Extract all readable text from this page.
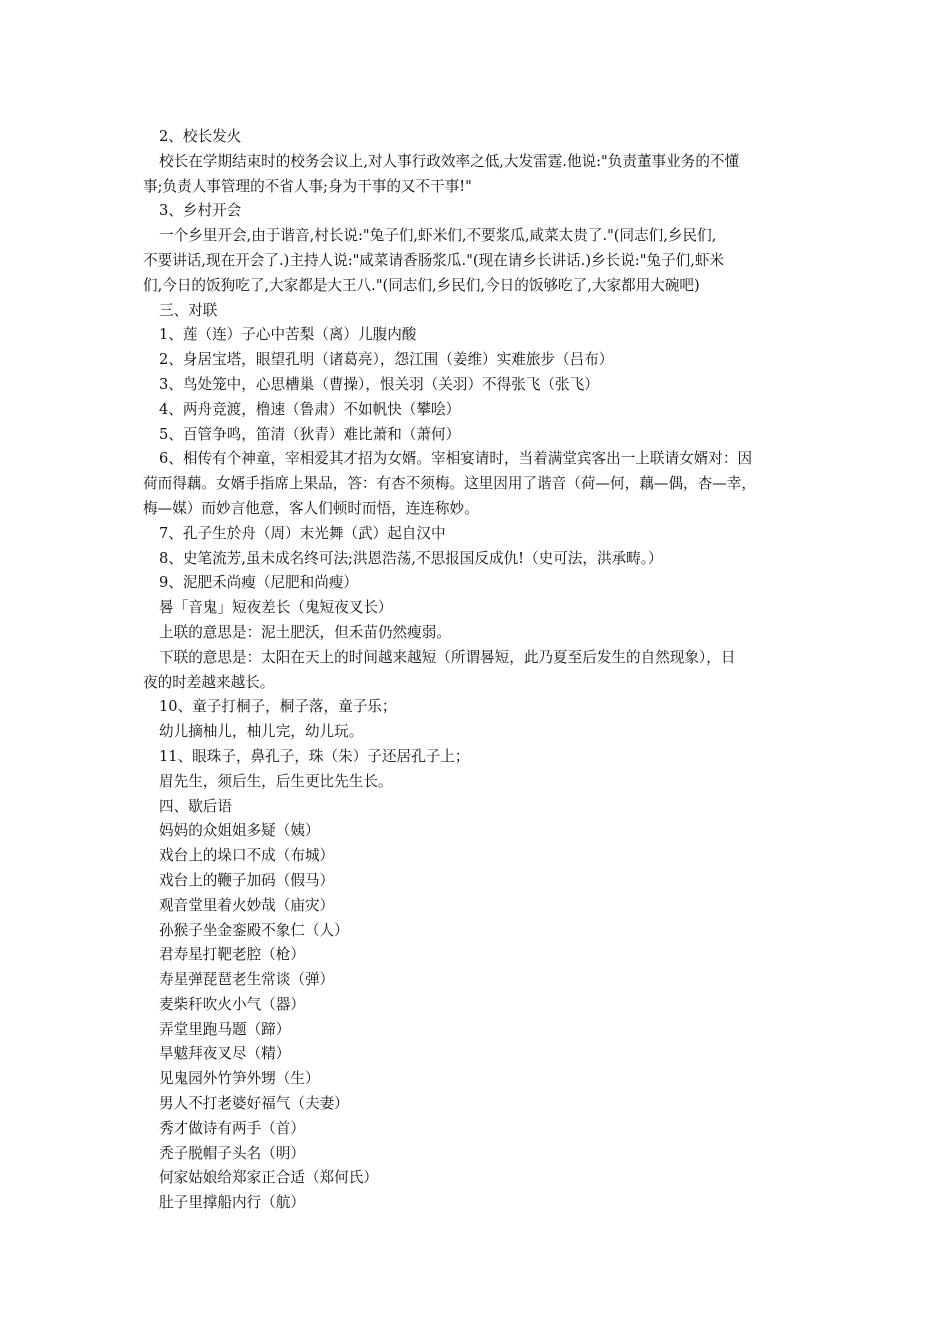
2、校长发火
校长在学期结束时的校务会议上,对人事行政效率之低,大发雷霆.他说:"负责董事业务的不懂
事;负责人事管理的不省人事;身为干事的又不干事!"
3、乡村开会
一个乡里开会,由于谐音,村长说:"兔子们,虾米们,不要浆瓜,咸菜太贵了."(同志们,乡民们,
不要讲话,现在开会了.)主持人说:"咸菜请香肠浆瓜."(现在请乡长讲话.)乡长说:"兔子们,虾米
们,今日的饭狗吃了,大家都是大王八."(同志们,乡民们,今日的饭够吃了,大家都用大碗吧)
三、对联
1、莲（连）子心中苦梨（离）儿腹内酸
2、身居宝塔，眼望孔明（诸葛亮），怨江围（姜维）实难旅步（吕布）
3、鸟处笼中，心思槽巢（曹操），恨关羽（关羽）不得张飞（张飞）
4、两舟竞渡，橹速（鲁肃）不如帆快（攀哙）
5、百管争鸣，笛清（狄青）难比萧和（萧何）
6、相传有个神童，宰相爱其才招为女婿。宰相宴请时，当着满堂宾客出一上联请女婿对：因
荷而得藕。女婿手指席上果品，答：有杏不须梅。这里因用了谐音（荷—何，藕—偶，杏—幸，
梅—媒）而妙言他意，客人们顿时而悟，连连称妙。
7、孔子生於舟（周）末光舞（武）起自汉中
8、史笔流芳,虽未成名终可法;洪恩浩荡,不思报国反成仇!（史可法，洪承畴。）
9、泥肥禾尚瘦（尼肥和尚瘦）
晷「音鬼」短夜差长（鬼短夜叉长）
上联的意思是：泥土肥沃，但禾苗仍然瘦弱。
下联的意思是：太阳在天上的时间越来越短（所谓晷短，此乃夏至后发生的自然现象），日
夜的时差越来越长。
10、童子打桐子，桐子落，童子乐；
幼儿摘柚儿，柚儿完，幼儿玩。
11、眼珠子，鼻孔子，珠（朱）子还居孔子上；
眉先生，须后生，后生更比先生长。
四、歇后语
妈妈的众姐姐多疑（姨）
戏台上的垛口不成（布城）
戏台上的鞭子加码（假马）
观音堂里着火妙哉（庙灾）
孙猴子坐金銮殿不象仁（人）
君寿星打靶老腔（枪）
寿星弹琵琶老生常谈（弹）
麦柴秆吹火小气（器）
弄堂里跑马题（蹄）
旱魃拜夜叉尽（精）
见鬼园外竹笋外甥（生）
男人不打老婆好福气（夫妻）
秀才做诗有两手（首）
秃子脱帽子头名（明）
何家姑娘给郑家正合适（郑何氏）
肚子里撑船内行（航）
